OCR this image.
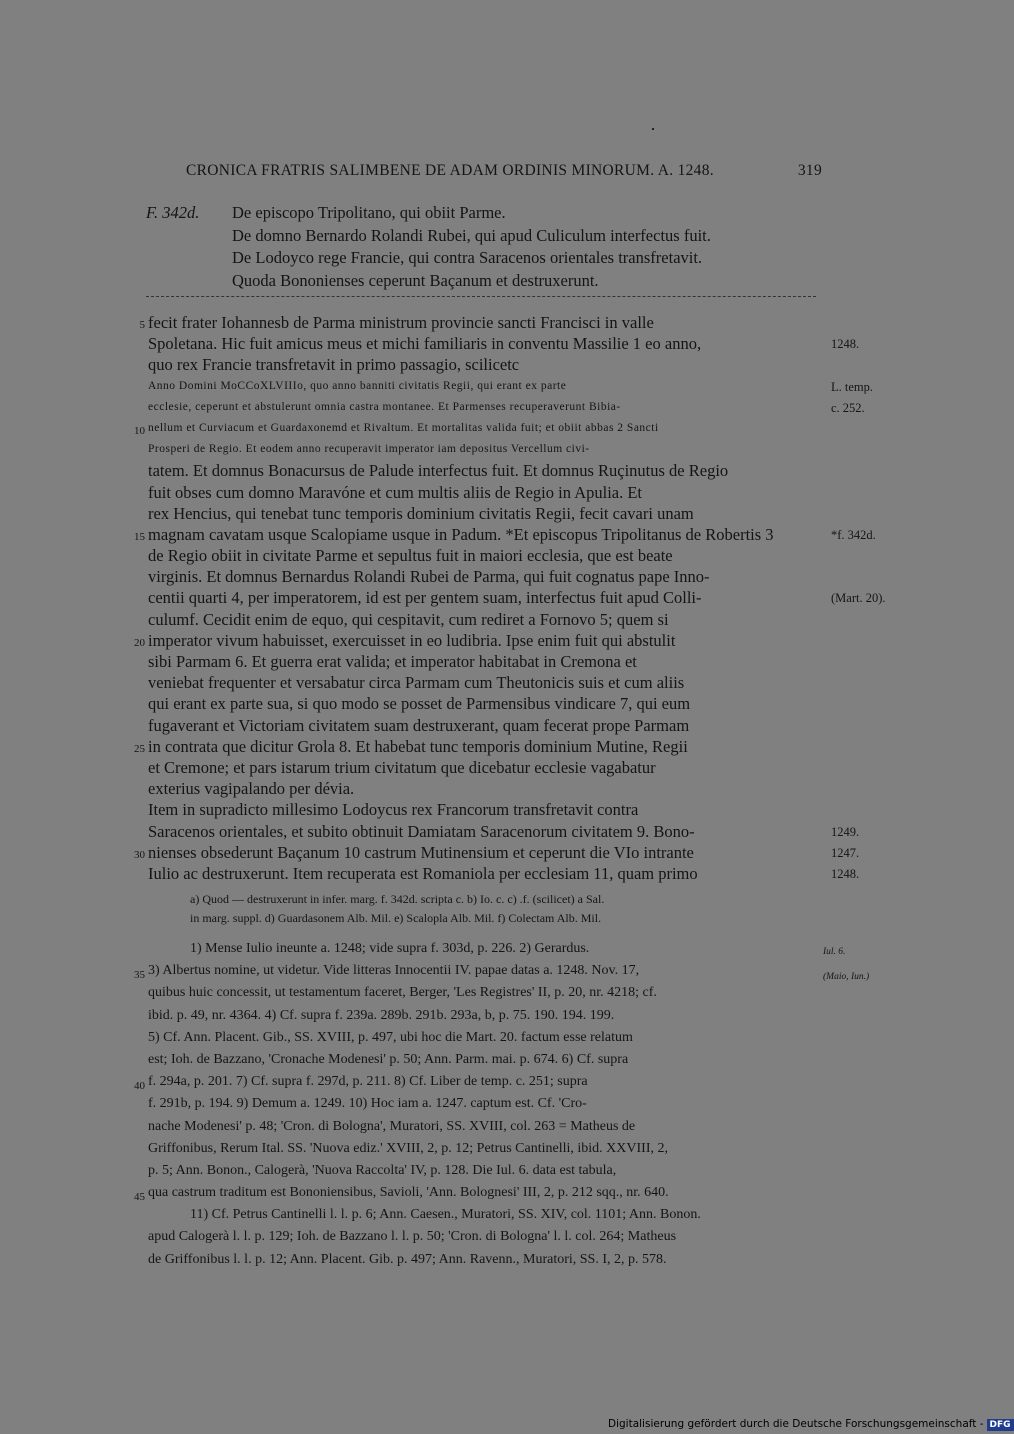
CRONICA FRATRIS SALIMBENE DE ADAM ORDINIS MINORUM. A. 1248.	319
F. 342d. De episcopo Tripolitano, qui obiit Parme.
De domno Bernardo Rolandi Rubei, qui apud Culiculum interfectus fuit.
De Lodoyco rege Francie, qui contra Saracenos orientales transfretavit.
Quoda Bononienses ceperunt Baçanum et destruxerunt.
fecit frater Iohannesb de Parma ministrum provincie sancti Francisci in valle
5
Spoletana. Hic fuit amicus meus et michi familiaris in conventu Massilie 1 eo anno,	1248.
quo rex Francie transfretavit in primo passagio, scilicetc
Anno Domini MoCCoXLVIIIo, quo anno banniti civitatis Regii, qui erant ex parte	L. temp.
ecclesie, ceperunt et abstulerunt omnia castra montanee. Et Parmenses recuperaverunt Bibia-	c. 252.
nellum et Curviacum et Guardaxonemd et Rivaltum. Et mortalitas valida fuit; et obiit abbas 2 Sancti
10
Prosperi de Regio. Et eodem anno recuperavit imperator iam depositus Vercellum civi-
tatem. Et domnus Bonacursus de Palude interfectus fuit. Et domnus Ruçinutus de Regio
fuit obses cum domno Maravóne et cum multis aliis de Regio in Apulia. Et
rex Hencius, qui tenebat tunc temporis dominium civitatis Regii, fecit cavari unam
magnam cavatam usque Scalopiame usque in Padum. *Et episcopus Tripolitanus de Robertis 3
15	*f. 342d.
de Regio obiit in civitate Parme et sepultus fuit in maiori ecclesia, que est beate
virginis. Et domnus Bernardus Rolandi Rubei de Parma, qui fuit cognatus pape Inno-
centii quarti 4, per imperatorem, id est per gentem suam, interfectus fuit apud Colli-	(Mart. 20).
culumf. Cecidit enim de equo, qui cespitavit, cum rediret a Fornovo 5; quem si
imperator vivum habuisset, exercuisset in eo ludibria. Ipse enim fuit qui abstulit
20
sibi Parmam 6. Et guerra erat valida; et imperator habitabat in Cremona et
veniebat frequenter et versabatur circa Parmam cum Theutonicis suis et cum aliis
qui erant ex parte sua, si quo modo se posset de Parmensibus vindicare 7, qui eum
fugaverant et Victoriam civitatem suam destruxerant, quam fecerat prope Parmam
in contrata que dicitur Grola 8. Et habebat tunc temporis dominium Mutine, Regii
25
et Cremone; et pars istarum trium civitatum que dicebatur ecclesie vagabatur
exterius vagipalando per dévia.
Item in supradicto millesimo Lodoycus rex Francorum transfretavit contra
Saracenos orientales, et subito obtinuit Damiatam Saracenorum civitatem 9. Bono-	1249.
nienses obsederunt Baçanum 10 castrum Mutinensium et ceperunt die VIo intrante
30	1247.
Iulio ac destruxerunt. Item recuperata est Romaniola per ecclesiam 11, quam primo	1248.
Iul. 6.
(Maio, Iun.)
a) Quod — destruxerunt in infer. marg. f. 342d. scripta c. b) Io. c. c) .f. (scilicet) a Sal.
in marg. suppl. d) Guardasonem Alb. Mil. e) Scalopla Alb. Mil. f) Colectam Alb. Mil.
1) Mense Iulio ineunte a. 1248; vide supra f. 303d, p. 226. 2) Gerardus.
3) Albertus nomine, ut videtur. Vide litteras Innocentii IV. papae datas a. 1248. Nov. 17,
35
quibus huic concessit, ut testamentum faceret, Berger, 'Les Registres' II, p. 20, nr. 4218; cf.
ibid. p. 49, nr. 4364. 4) Cf. supra f. 239a. 289b. 291b. 293a, b, p. 75. 190. 194. 199.
5) Cf. Ann. Placent. Gib., SS. XVIII, p. 497, ubi hoc die Mart. 20. factum esse relatum
est; Ioh. de Bazzano, 'Cronache Modenesi' p. 50; Ann. Parm. mai. p. 674. 6) Cf. supra
f. 294a, p. 201. 7) Cf. supra f. 297d, p. 211. 8) Cf. Liber de temp. c. 251; supra
40
f. 291b, p. 194. 9) Demum a. 1249. 10) Hoc iam a. 1247. captum est. Cf. 'Cro-
nache Modenesi' p. 48; 'Cron. di Bologna', Muratori, SS. XVIII, col. 263 = Matheus de
Griffonibus, Rerum Ital. SS. 'Nuova ediz.' XVIII, 2, p. 12; Petrus Cantinelli, ibid. XXVIII, 2,
p. 5; Ann. Bonon., Calogerà, 'Nuova Raccolta' IV, p. 128. Die Iul. 6. data est tabula,
qua castrum traditum est Bononiensibus, Savioli, 'Ann. Bolognesi' III, 2, p. 212 sqq., nr. 640.
45
11) Cf. Petrus Cantinelli l. l. p. 6; Ann. Caesen., Muratori, SS. XIV, col. 1101; Ann. Bonon.
apud Calogerà l. l. p. 129; Ioh. de Bazzano l. l. p. 50; 'Cron. di Bologna' l. l. col. 264; Matheus
de Griffonibus l. l. p. 12; Ann. Placent. Gib. p. 497; Ann. Ravenn., Muratori, SS. I, 2, p. 578.
Digitalisierung gefördert durch die Deutsche Forschungsgemeinschaft - DFG
